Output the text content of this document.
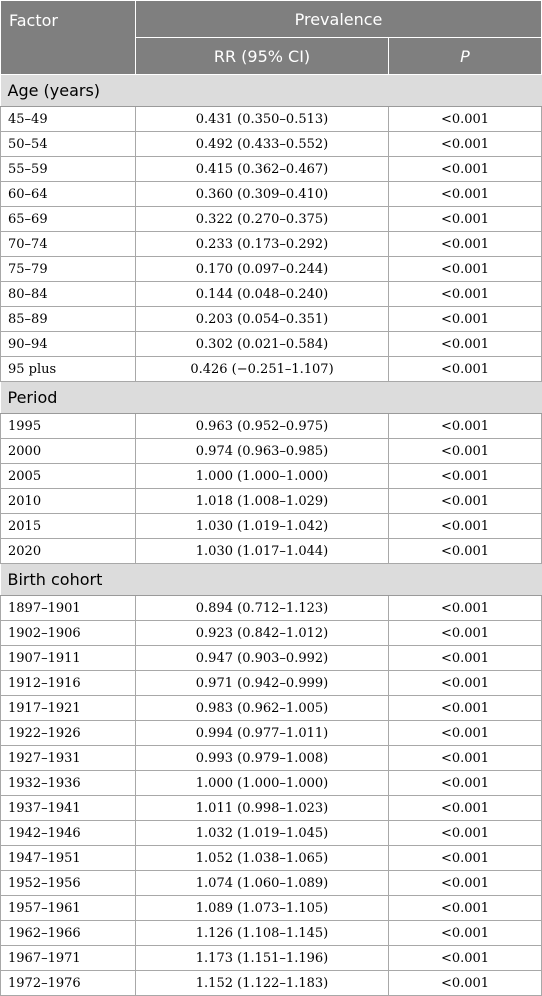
Factor	Prevalence	
	RR (95% CI)	P
Age (years)		
45–49	0.431 (0.350–0.513)	<0.001
50–54	0.492 (0.433–0.552)	<0.001
55–59	0.415 (0.362–0.467)	<0.001
60–64	0.360 (0.309–0.410)	<0.001
65–69	0.322 (0.270–0.375)	<0.001
70–74	0.233 (0.173–0.292)	<0.001
75–79	0.170 (0.097–0.244)	<0.001
80–84	0.144 (0.048–0.240)	<0.001
85–89	0.203 (0.054–0.351)	<0.001
90–94	0.302 (0.021–0.584)	<0.001
95 plus	0.426 (−0.251–1.107)	<0.001
Period		
1995	0.963 (0.952–0.975)	<0.001
2000	0.974 (0.963–0.985)	<0.001
2005	1.000 (1.000–1.000)	<0.001
2010	1.018 (1.008–1.029)	<0.001
2015	1.030 (1.019–1.042)	<0.001
2020	1.030 (1.017–1.044)	<0.001
Birth cohort		
1897–1901	0.894 (0.712–1.123)	<0.001
1902–1906	0.923 (0.842–1.012)	<0.001
1907–1911	0.947 (0.903–0.992)	<0.001
1912–1916	0.971 (0.942–0.999)	<0.001
1917–1921	0.983 (0.962–1.005)	<0.001
1922–1926	0.994 (0.977–1.011)	<0.001
1927–1931	0.993 (0.979–1.008)	<0.001
1932–1936	1.000 (1.000–1.000)	<0.001
1937–1941	1.011 (0.998–1.023)	<0.001
1942–1946	1.032 (1.019–1.045)	<0.001
1947–1951	1.052 (1.038–1.065)	<0.001
1952–1956	1.074 (1.060–1.089)	<0.001
1957–1961	1.089 (1.073–1.105)	<0.001
1962–1966	1.126 (1.108–1.145)	<0.001
1967–1971	1.173 (1.151–1.196)	<0.001
1972–1976	1.152 (1.122–1.183)	<0.001
